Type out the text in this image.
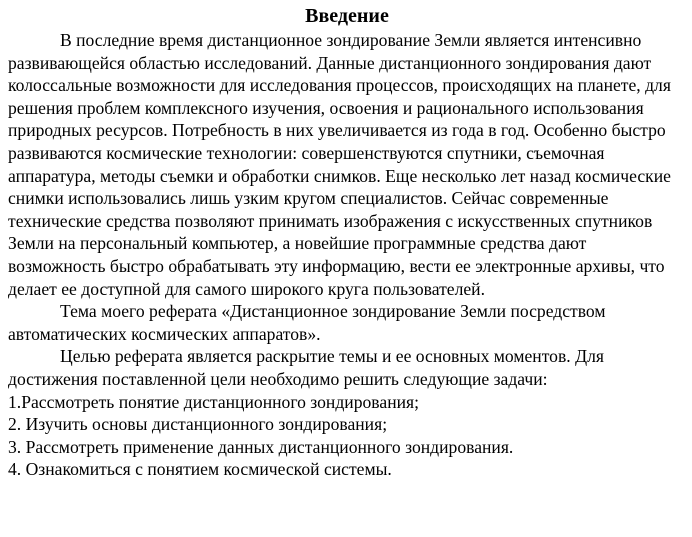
Введение

В последние время дистанционное зондирование Земли является интенсивно развивающейся областью исследований. Данные дистанционного зондирования дают колоссальные возможности для исследования процессов, происходящих на планете, для решения проблем комплексного изучения, освоения и рационального использования природных ресурсов. Потребность в них увеличивается из года в год. Особенно быстро развиваются космические технологии: совершенствуются спутники, съемочная аппаратура, методы съемки и обработки снимков. Еще несколько лет назад космические снимки использовались лишь узким кругом специалистов. Сейчас современные технические средства позволяют принимать изображения с искусственных спутников Земли на персональный компьютер, а новейшие программные средства дают возможность быстро обрабатывать эту информацию, вести ее электронные архивы, что делает ее доступной для самого широкого круга пользователей.

Тема моего реферата «Дистанционное зондирование Земли посредством автоматических космических аппаратов».

Целью реферата является раскрытие темы и ее основных моментов. Для достижения поставленной цели необходимо решить следующие задачи:

1.Рассмотреть понятие дистанционного зондирования;
2. Изучить основы дистанционного зондирования;
3. Рассмотреть применение данных дистанционного зондирования.
4. Ознакомиться с понятием космической системы.
